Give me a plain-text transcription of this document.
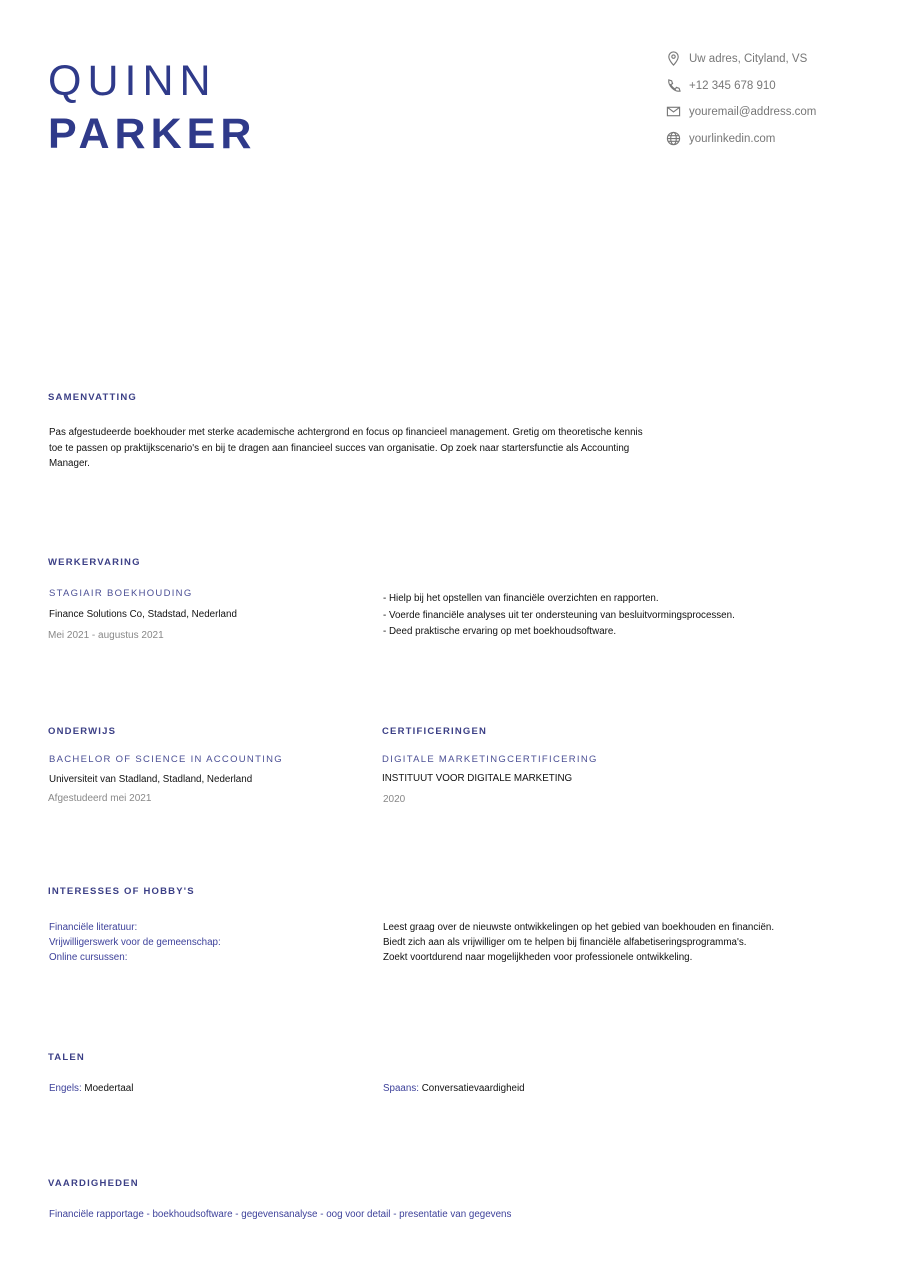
QUINN
PARKER
Uw adres, Cityland, VS
+12 345 678 910
youremail@address.com
yourlinkedin.com
SAMENVATTING
Pas afgestudeerde boekhouder met sterke academische achtergrond en focus op financieel management. Gretig om theoretische kennis
toe te passen op praktijkscenario's en bij te dragen aan financieel succes van organisatie. Op zoek naar startersfunctie als Accounting
Manager.
WERKERVARING
STAGIAIR BOEKHOUDING
Finance Solutions Co, Stadstad, Nederland
Mei 2021 - augustus 2021
- Hielp bij het opstellen van financiële overzichten en rapporten.
- Voerde financiële analyses uit ter ondersteuning van besluitvormingsprocessen.
- Deed praktische ervaring op met boekhoudsoftware.
ONDERWIJS
BACHELOR OF SCIENCE IN ACCOUNTING
Universiteit van Stadland, Stadland, Nederland
Afgestudeerd mei 2021
CERTIFICERINGEN
DIGITALE MARKETINGCERTIFICERING
INSTITUUT VOOR DIGITALE MARKETING
2020
INTERESSES OF HOBBY'S
Financiële literatuur:
Vrijwilligerswerk voor de gemeenschap:
Online cursussen:
Leest graag over de nieuwste ontwikkelingen op het gebied van boekhouden en financiën.
Biedt zich aan als vrijwilliger om te helpen bij financiële alfabetiseringsprogramma's.
Zoekt voortdurend naar mogelijkheden voor professionele ontwikkeling.
TALEN
Engels: Moedertaal	Spaans: Conversatievaardigheid
VAARDIGHEDEN
Financiële rapportage - boekhoudsoftware - gegevensanalyse - oog voor detail - presentatie van gegevens
